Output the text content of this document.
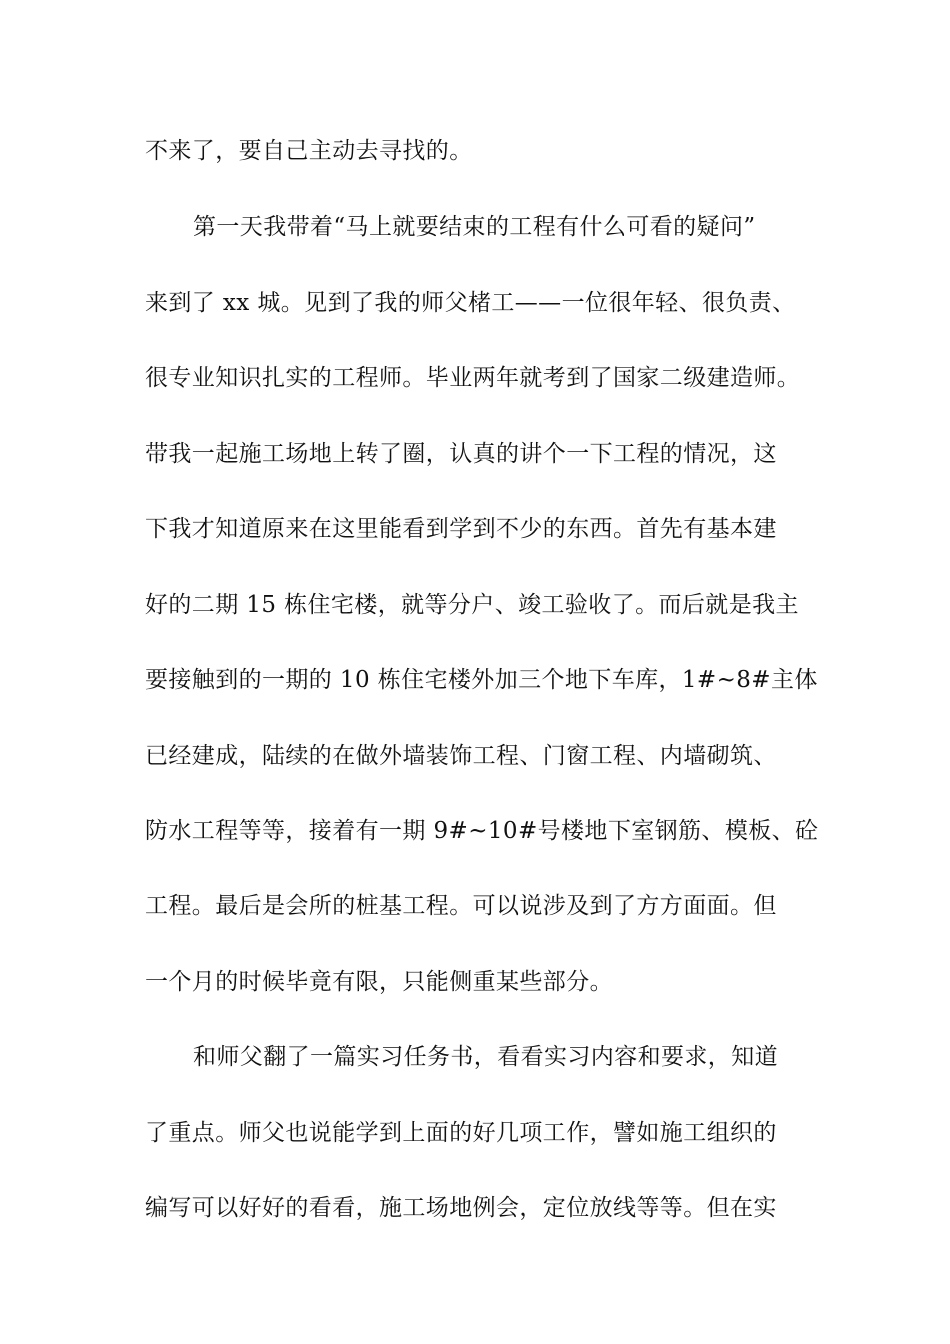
不来了，要自己主动去寻找的。
第一天我带着“马上就要结束的工程有什么可看的疑问”
来到了 xx 城。见到了我的师父楮工——一位很年轻、很负责、
很专业知识扎实的工程师。毕业两年就考到了国家二级建造师。
带我一起施工场地上转了圈，认真的讲个一下工程的情况，这
下我才知道原来在这里能看到学到不少的东西。首先有基本建
好的二期 15 栋住宅楼，就等分户、竣工验收了。而后就是我主
要接触到的一期的 10 栋住宅楼外加三个地下车库，1#~8#主体
已经建成，陆续的在做外墙装饰工程、门窗工程、内墙砌筑、
防水工程等等，接着有一期 9#~10#号楼地下室钢筋、模板、砼
工程。最后是会所的桩基工程。可以说涉及到了方方面面。但
一个月的时候毕竟有限，只能侧重某些部分。
和师父翻了一篇实习任务书，看看实习内容和要求，知道
了重点。师父也说能学到上面的好几项工作，譬如施工组织的
编写可以好好的看看，施工场地例会，定位放线等等。但在实
